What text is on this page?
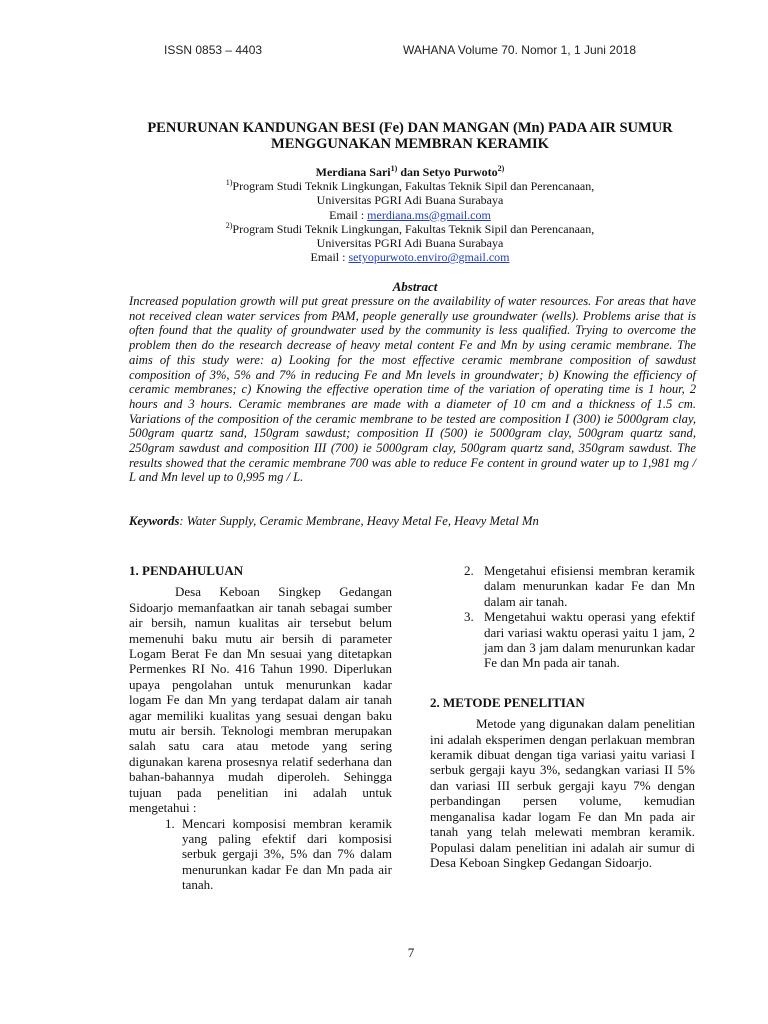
ISSN 0853 – 4403	WAHANA Volume 70. Nomor 1, 1 Juni 2018
PENURUNAN KANDUNGAN BESI (Fe) DAN MANGAN (Mn) PADA AIR SUMUR
MENGGUNAKAN MEMBRAN KERAMIK
Merdiana Sari$^{1)}$ dan Setyo Purwoto$^{2)}$
$^{1)}$Program Studi Teknik Lingkungan, Fakultas Teknik Sipil dan Perencanaan,
Universitas PGRI Adi Buana Surabaya
Email : merdiana.ms@gmail.com
$^{2)}$Program Studi Teknik Lingkungan, Fakultas Teknik Sipil dan Perencanaan,
Universitas PGRI Adi Buana Surabaya
Email : setyopurwoto.enviro@gmail.com
Abstract

Increased population growth will put great pressure on the availability of water resources. For areas that have not received clean water services from PAM, people generally use groundwater (wells). Problems arise that is often found that the quality of groundwater used by the community is less qualified. Trying to overcome the problem then do the research decrease of heavy metal content Fe and Mn by using ceramic membrane. The aims of this study were: a) Looking for the most effective ceramic membrane composition of sawdust composition of 3%, 5% and 7% in reducing Fe and Mn levels in groundwater; b) Knowing the efficiency of ceramic membranes; c) Knowing the effective operation time of the variation of operating time is 1 hour, 2 hours and 3 hours. Ceramic membranes are made with a diameter of 10 cm and a thickness of 1.5 cm. Variations of the composition of the ceramic membrane to be tested are composition I (300) ie 5000gram clay, 500gram quartz sand, 150gram sawdust; composition II (500) ie 5000gram clay, 500gram quartz sand, 250gram sawdust and composition III (700) ie 5000gram clay, 500gram quartz sand, 350gram sawdust. The results showed that the ceramic membrane 700 was able to reduce Fe content in ground water up to 1,981 mg / L and Mn level up to 0,995 mg / L.

Keywords: Water Supply, Ceramic Membrane, Heavy Metal Fe, Heavy Metal Mn
1. PENDAHULUAN

Desa Keboan Singkep Gedangan Sidoarjo memanfaatkan air tanah sebagai sumber air bersih, namun kualitas air tersebut belum memenuhi baku mutu air bersih di parameter Logam Berat Fe dan Mn sesuai yang ditetapkan Permenkes RI No. 416 Tahun 1990. Diperlukan upaya pengolahan untuk menurunkan kadar logam Fe dan Mn yang terdapat dalam air tanah agar memiliki kualitas yang sesuai dengan baku mutu air bersih. Teknologi membran merupakan salah satu cara atau metode yang sering digunakan karena prosesnya relatif sederhana dan bahan-bahannya mudah diperoleh. Sehingga tujuan pada penelitian ini adalah untuk mengetahui :

1. Mencari komposisi membran keramik yang paling efektif dari komposisi serbuk gergaji 3%, 5% dan 7% dalam menurunkan kadar Fe dan Mn pada air tanah.
2. Mengetahui efisiensi membran keramik dalam menurunkan kadar Fe dan Mn dalam air tanah.
3. Mengetahui waktu operasi yang efektif dari variasi waktu operasi yaitu 1 jam, 2 jam dan 3 jam dalam menurunkan kadar Fe dan Mn pada air tanah.
2. METODE PENELITIAN

Metode yang digunakan dalam penelitian ini adalah eksperimen dengan perlakuan membran keramik dibuat dengan tiga variasi yaitu variasi I serbuk gergaji kayu 3%, sedangkan variasi II 5% dan variasi III serbuk gergaji kayu 7% dengan perbandingan persen volume, kemudian menganalisa kadar logam Fe dan Mn pada air tanah yang telah melewati membran keramik. Populasi dalam penelitian ini adalah air sumur di Desa Keboan Singkep Gedangan Sidoarjo.

7
